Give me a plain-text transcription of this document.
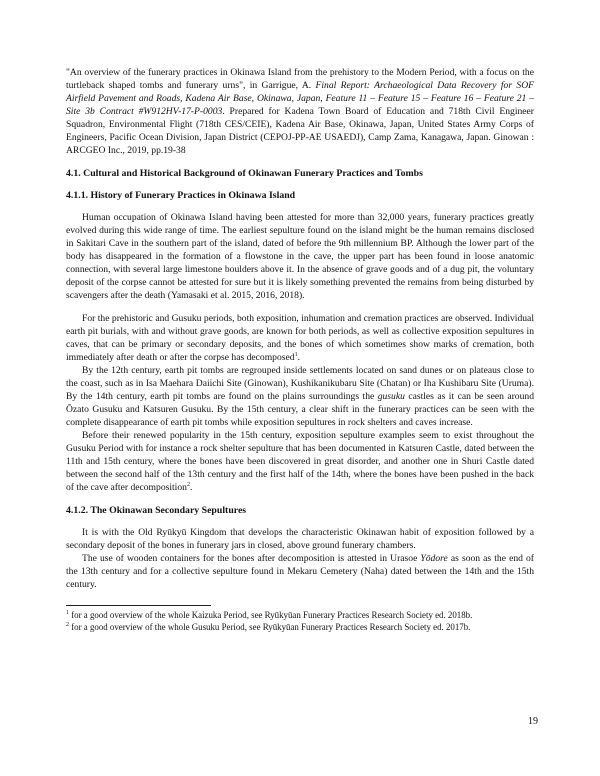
"An overview of the funerary practices in Okinawa Island from the prehistory to the Modern Period, with a focus on the turtleback shaped tombs and funerary urns", in Garrigue, A. Final Report: Archaeological Data Recovery for SOF Airfield Pavement and Roads, Kadena Air Base, Okinawa, Japan, Feature 11 – Feature 15 – Feature 16 – Feature 21 – Site 3b Contract #W912HV-17-P-0003. Prepared for Kadena Town Board of Education and 718th Civil Engineer Squadron, Environmental Flight (718th CES/CEIE), Kadena Air Base, Okinawa, Japan, United States Army Corps of Engineers, Pacific Ocean Division, Japan District (CEPOJ-PP-AE USAEDJ), Camp Zama, Kanagawa, Japan. Ginowan : ARCGEO Inc., 2019, pp.19-38

4.1. Cultural and Historical Background of Okinawan Funerary Practices and Tombs
4.1.1. History of Funerary Practices in Okinawa Island

Human occupation of Okinawa Island having been attested for more than 32,000 years, funerary practices greatly evolved during this wide range of time. The earliest sepulture found on the island might be the human remains disclosed in Sakitari Cave in the southern part of the island, dated of before the 9th millennium BP. Although the lower part of the body has disappeared in the formation of a flowstone in the cave, the upper part has been found in loose anatomic connection, with several large limestone boulders above it. In the absence of grave goods and of a dug pit, the voluntary deposit of the corpse cannot be attested for sure but it is likely something prevented the remains from being disturbed by scavengers after the death (Yamasaki et al. 2015, 2016, 2018).

For the prehistoric and Gusuku periods, both exposition, inhumation and cremation practices are observed. Individual earth pit burials, with and without grave goods, are known for both periods, as well as collective exposition sepultures in caves, that can be primary or secondary deposits, and the bones of which sometimes show marks of cremation, both immediately after death or after the corpse has decomposed$^1$.

By the 12th century, earth pit tombs are regrouped inside settlements located on sand dunes or on plateaus close to the coast, such as in Isa Maehara Daiichi Site (Ginowan), Kushikanikubaru Site (Chatan) or Iha Kushibaru Site (Uruma). By the 14th century, earth pit tombs are found on the plains surroundings the gusuku castles as it can be seen around Ōzato Gusuku and Katsuren Gusuku. By the 15th century, a clear shift in the funerary practices can be seen with the complete disappearance of earth pit tombs while exposition sepultures in rock shelters and caves increase.

Before their renewed popularity in the 15th century, exposition sepulture examples seem to exist throughout the Gusuku Period with for instance a rock shelter sepulture that has been documented in Katsuren Castle, dated between the 11th and 15th century, where the bones have been discovered in great disorder, and another one in Shuri Castle dated between the second half of the 13th century and the first half of the 14th, where the bones have been pushed in the back of the cave after decomposition$^2$.

4.1.2. The Okinawan Secondary Sepultures

It is with the Old Ryūkyū Kingdom that develops the characteristic Okinawan habit of exposition followed by a secondary deposit of the bones in funerary jars in closed, above ground funerary chambers.

The use of wooden containers for the bones after decomposition is attested in Urasoe Yōdore as soon as the end of the 13th century and for a collective sepulture found in Mekaru Cemetery (Naha) dated between the 14th and the 15th century.

$^1$ for a good overview of the whole Kaizuka Period, see Ryūkyūan Funerary Practices Research Society ed. 2018b.

$^2$ for a good overview of the whole Gusuku Period, see Ryūkyūan Funerary Practices Research Society ed. 2017b.

19
